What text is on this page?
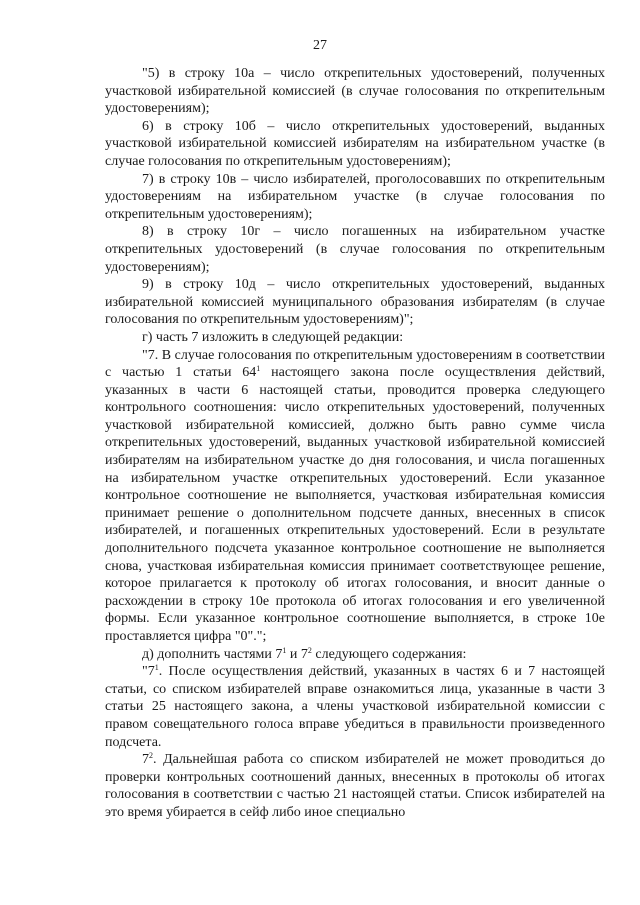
27

"5) в строку 10а – число открепительных удостоверений, полученных участковой избирательной комиссией (в случае голосования по открепительным удостоверениям);

6) в строку 10б – число открепительных удостоверений, выданных участковой избирательной комиссией избирателям на избирательном участке (в случае голосования по открепительным удостоверениям);

7) в строку 10в – число избирателей, проголосовавших по открепительным удостоверениям на избирательном участке (в случае голосования по открепительным удостоверениям);

8) в строку 10г – число погашенных на избирательном участке открепительных удостоверений (в случае голосования по открепительным удостоверениям);

9) в строку 10д – число открепительных удостоверений, выданных избирательной комиссией муниципального образования избирателям (в случае голосования по открепительным удостоверениям)";

г) часть 7 изложить в следующей редакции:

"7. В случае голосования по открепительным удостоверениям в соответствии с частью 1 статьи $64^1$ настоящего закона после осуществления действий, указанных в части 6 настоящей статьи, проводится проверка следующего контрольного соотношения: число открепительных удостоверений, полученных участковой избирательной комиссией, должно быть равно сумме числа открепительных удостоверений, выданных участковой избирательной комиссией избирателям на избирательном участке до дня голосования, и числа погашенных на избирательном участке открепительных удостоверений. Если указанное контрольное соотношение не выполняется, участковая избирательная комиссия принимает решение о дополнительном подсчете данных, внесенных в список избирателей, и погашенных открепительных удостоверений. Если в результате дополнительного подсчета указанное контрольное соотношение не выполняется снова, участковая избирательная комиссия принимает соответствующее решение, которое прилагается к протоколу об итогах голосования, и вносит данные о расхождении в строку 10е протокола об итогах голосования и его увеличенной формы. Если указанное контрольное соотношение выполняется, в строке 10е проставляется цифра "0".";

д) дополнить частями $7^1$ и $7^2$ следующего содержания:

"$7^1$. После осуществления действий, указанных в частях 6 и 7 настоящей статьи, со списком избирателей вправе ознакомиться лица, указанные в части 3 статьи 25 настоящего закона, а члены участковой избирательной комиссии с правом совещательного голоса вправе убедиться в правильности произведенного подсчета.

$7^2$. Дальнейшая работа со списком избирателей не может проводиться до проверки контрольных соотношений данных, внесенных в протоколы об итогах голосования в соответствии с частью 21 настоящей статьи. Список избирателей на это время убирается в сейф либо иное специально
